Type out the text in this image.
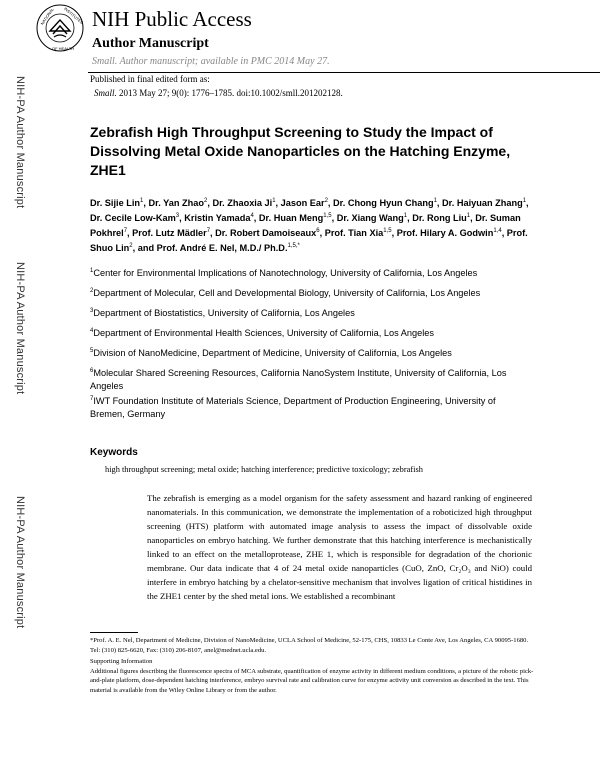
NATIONAL INSTITUTES
OF HEALTH
NIH Public Access
Author Manuscript
Small. Author manuscript; available in PMC 2014 May 27.
Published in final edited form as:
Small. 2013 May 27; 9(0): 1776–1785. doi:10.1002/smll.201202128.
NIH-PA Author Manuscript
NIH-PA Author Manuscript
NIH-PA Author Manuscript
Zebrafish High Throughput Screening to Study the Impact of Dissolving Metal Oxide Nanoparticles on the Hatching Enzyme, ZHE1
Dr. Sijie Lin$^1$, Dr. Yan Zhao$^2$, Dr. Zhaoxia Ji$^1$, Jason Ear$^2$, Dr. Chong Hyun Chang$^1$, Dr. Haiyuan Zhang$^1$, Dr. Cecile Low-Kam$^3$, Kristin Yamada$^4$, Dr. Huan Meng$^{1,5}$, Dr. Xiang Wang$^1$, Dr. Rong Liu$^1$, Dr. Suman Pokhrel$^7$, Prof. Lutz Mädler$^7$, Dr. Robert Damoiseaux$^6$, Prof. Tian Xia$^{1,5}$, Prof. Hilary A. Godwin$^{1,4}$, Prof. Shuo Lin$^2$, and Prof. André E. Nel, M.D./ Ph.D.$^{1,5,*}$
$^1$Center for Environmental Implications of Nanotechnology, University of California, Los Angeles
$^2$Department of Molecular, Cell and Developmental Biology, University of California, Los Angeles
$^3$Department of Biostatistics, University of California, Los Angeles
$^4$Department of Environmental Health Sciences, University of California, Los Angeles
$^5$Division of NanoMedicine, Department of Medicine, University of California, Los Angeles
$^6$Molecular Shared Screening Resources, California NanoSystem Institute, University of California, Los Angeles
$^7$IWT Foundation Institute of Materials Science, Department of Production Engineering, University of Bremen, Germany
Keywords
high throughput screening; metal oxide; hatching interference; predictive toxicology; zebrafish
The zebrafish is emerging as a model organism for the safety assessment and hazard ranking of engineered nanomaterials. In this communication, we demonstrate the implementation of a roboticized high throughput screening (HTS) platform with automated image analysis to assess the impact of dissolvable oxide nanoparticles on embryo hatching. We further demonstrate that this hatching interference is mechanistically linked to an effect on the metalloprotease, ZHE 1, which is responsible for degradation of the chorionic membrane. Our data indicate that 4 of 24 metal oxide nanoparticles (CuO, ZnO, Cr₂O₃ and NiO) could interfere in embryo hatching by a chelator-sensitive mechanism that involves ligation of critical histidines in the ZHE1 center by the shed metal ions. We established a recombinant

*Prof. A. E. Nel, Department of Medicine, Division of NanoMedicine, UCLA School of Medicine, 52-175, CHS, 10833 Le Conte Ave, Los Angeles, CA 90095-1680. Tel: (310) 825-6620, Fax: (310) 206-8107, anel@mednet.ucla.edu.

Supporting Information

Additional figures describing the fluorescence spectra of MCA substrate, quantification of enzyme activity in different medium conditions, a picture of the robotic pick-and-plate platform, dose-dependent hatching interference, embryo survival rate and calibration curve for enzyme activity unit conversion as described in the text. This material is available from the Wiley Online Library or from the author.
